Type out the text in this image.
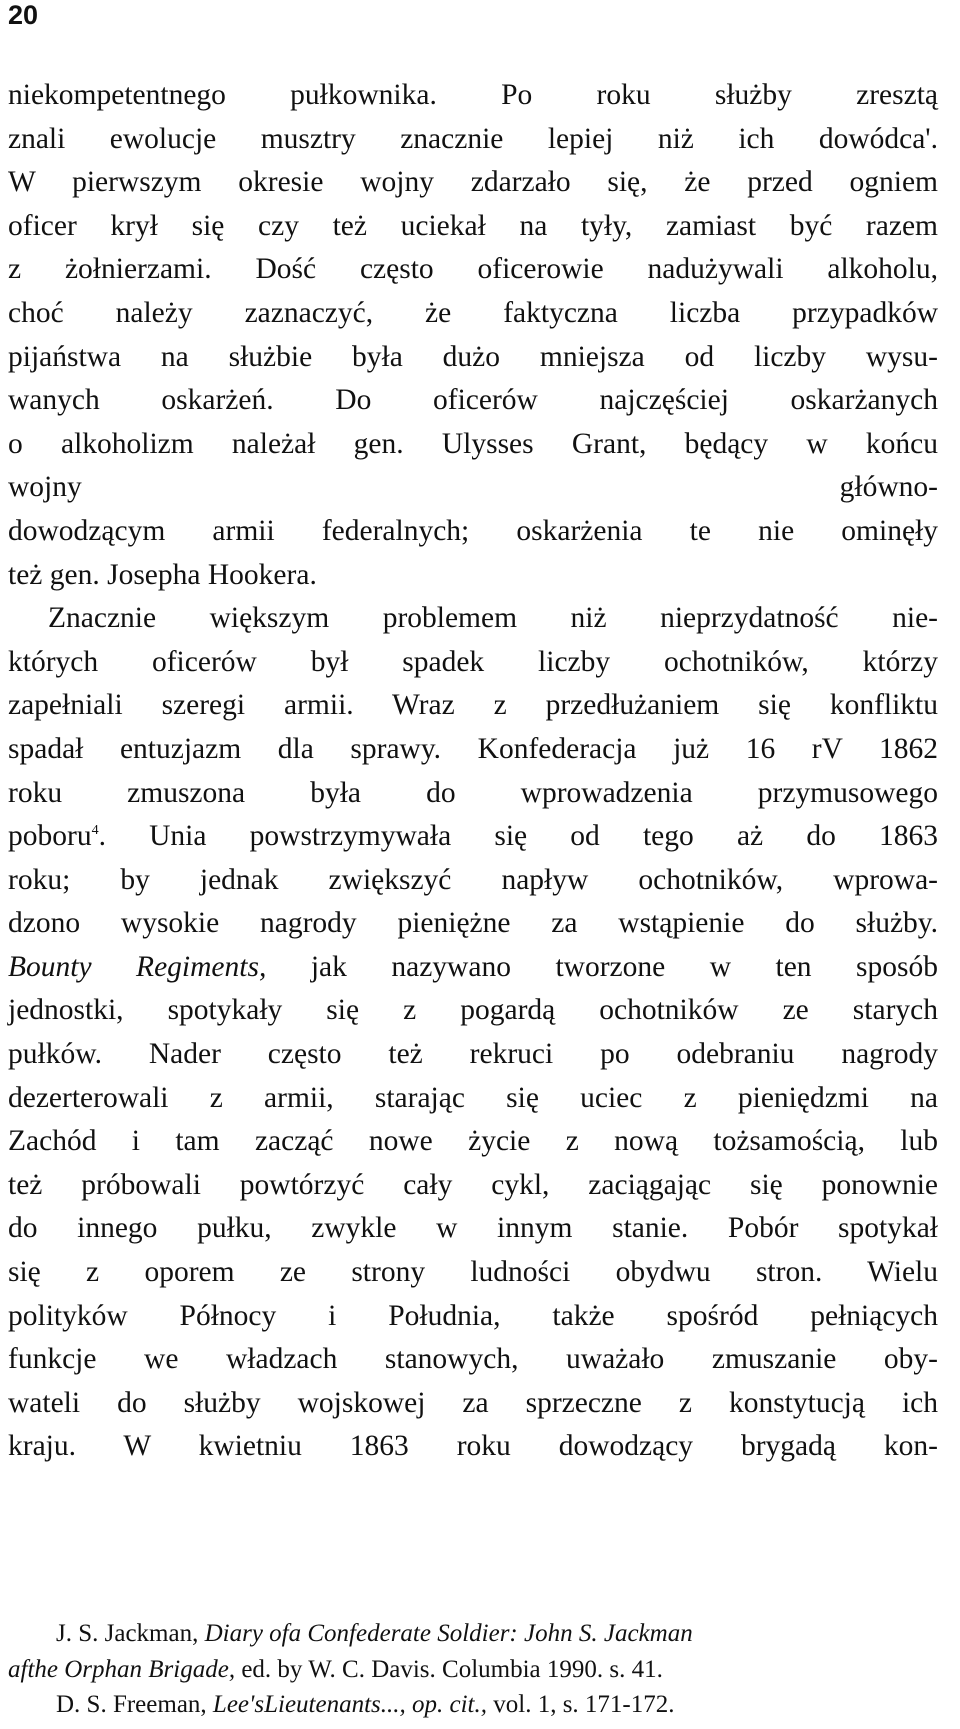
20
niekompetentnego pułkownika. Po roku służby zresztą
znali ewolucje musztry znacznie lepiej niż ich dowódca'.
W pierwszym okresie wojny zdarzało się, że przed ogniem
oficer krył się czy też uciekał na tyły, zamiast być razem
z żołnierzami. Dość często oficerowie nadużywali alkoholu,
choć należy zaznaczyć, że faktyczna liczba przypadków
pijaństwa na służbie była dużo mniejsza od liczby wysu-
wanych oskarżeń. Do oficerów najczęściej oskarżanych
o alkoholizm należał gen. Ulysses Grant, będący w końcu
wojny główno-
dowodzącym armii federalnych; oskarżenia te nie ominęły
też gen. Josepha Hookera.
Znacznie większym problemem niż nieprzydatność nie-
których oficerów był spadek liczby ochotników, którzy
zapełniali szeregi armii. Wraz z przedłużaniem się konfliktu
spadał entuzjazm dla sprawy. Konfederacja już 16 rV 1862
roku zmuszona była do wprowadzenia przymusowego
poboru$^4$. Unia powstrzymywała się od tego aż do 1863
roku; by jednak zwiększyć napływ ochotników, wprowa-
dzono wysokie nagrody pieniężne za wstąpienie do służby.
Bounty Regiments, jak nazywano tworzone w ten sposób
jednostki, spotykały się z pogardą ochotników ze starych
pułków. Nader często też rekruci po odebraniu nagrody
dezerterowali z armii, starając się uciec z pieniędzmi na
Zachód i tam zacząć nowe życie z nową tożsamością, lub
też próbowali powtórzyć cały cykl, zaciągając się ponownie
do innego pułku, zwykle w innym stanie. Pobór spotykał
się z oporem ze strony ludności obydwu stron. Wielu
polityków Północy i Południa, także spośród pełniących
funkcje we władzach stanowych, uważało zmuszanie oby-
wateli do służby wojskowej za sprzeczne z konstytucją ich
kraju. W kwietniu 1863 roku dowodzący brygadą kon-
J. S. Jackman, Diary ofa Confederate Soldier: John S. Jackman
afthe Orphan Brigade, ed. by W. C. Davis. Columbia 1990. s. 41.
D. S. Freeman, Lee'sLieutenants..., op. cit., vol. 1, s. 171-172.
